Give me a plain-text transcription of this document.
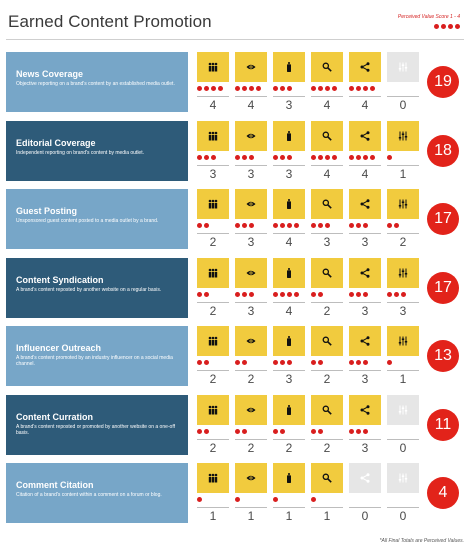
Earned Content Promotion	Perceived Value Score 1 - 4
News Coverage
Objective reporting on a brand's content by an established media outlet.
4	4	3	4	4	0
19
Editorial Coverage
Independent reporting on brand's content by media outlet.
3	3	3	4	4	1
18
Guest Posting
Unsponsored guest content posted to a media outlet by a brand.
2	3	4	3	3	2
17
Content Syndication
A brand's content reposted by another website on a regular basis.
2	3	4	2	3	3
17
Influencer Outreach
A brand's content promoted by an industry influencer on a social media channel.
2	2	3	2	3	1
13
Content Curration
A brand's content reposted or promoted by another website on a one-off basis.
2	2	2	2	3	0
11
Comment Citation
Citation of a brand's content within a comment on a forum or blog.
1	1	1	1	0	0
4
*All Final Totals are Perceived Values.
